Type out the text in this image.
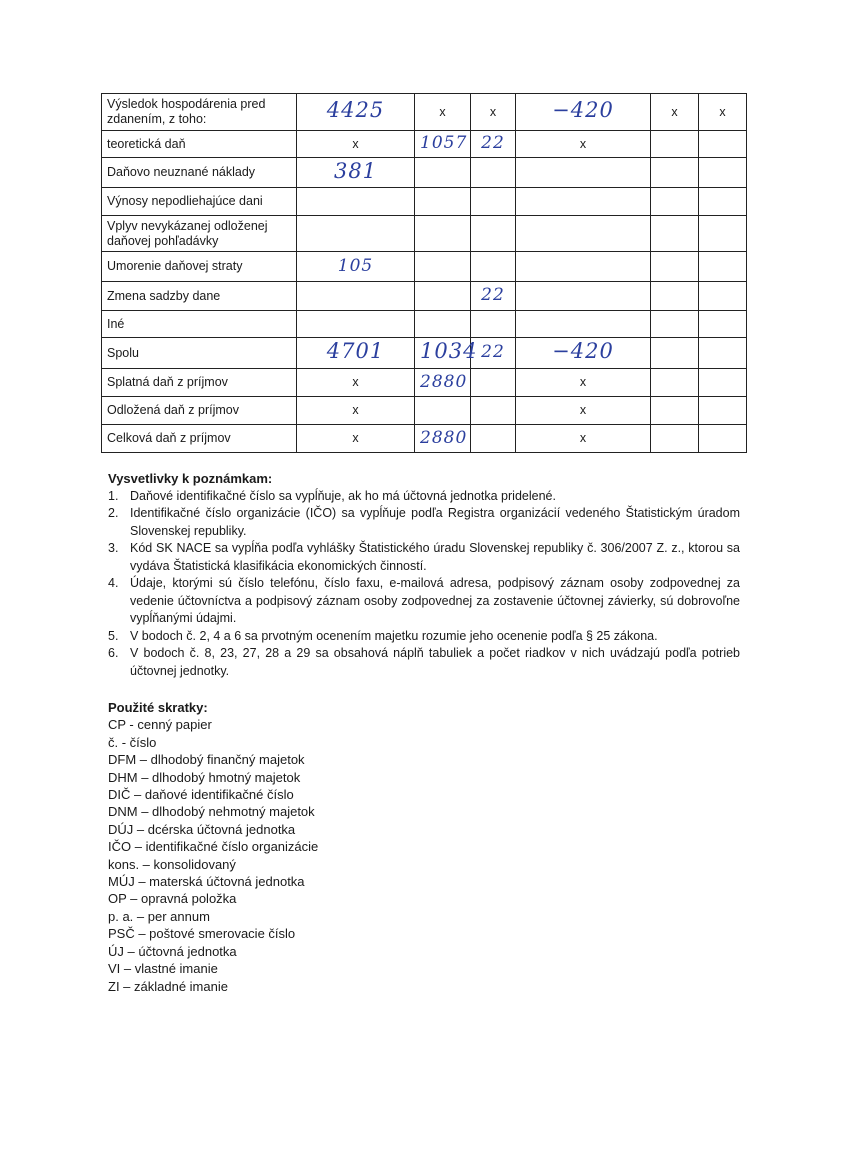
Výsledok hospodárenia pred zdanením, z toho:	4425	x	x	−420	x	x
teoretická daň	x	1057	22	x		
Daňovo neuznané náklady	381					
Výnosy nepodliehajúce dani						
Vplyv nevykázanej odloženej daňovej pohľadávky						
Umorenie daňovej straty	105					
Zmena sadzby dane			22			
Iné						
Spolu	4701	1034	22	−420		
Splatná daň z príjmov	x	2880		x		
Odložená daň z príjmov	x			x		
Celková daň z príjmov	x	2880		x		
Vysvetlivky k poznámkam:
1. Daňové identifikačné číslo sa vypĺňuje, ak ho má účtovná jednotka pridelené.
2. Identifikačné číslo organizácie (IČO) sa vypĺňuje podľa Registra organizácií vedeného Štatistickým úradom Slovenskej republiky.
3. Kód SK NACE sa vypĺňa podľa vyhlášky Štatistického úradu Slovenskej republiky č. 306/2007 Z. z., ktorou sa vydáva Štatistická klasifikácia ekonomických činností.
4. Údaje, ktorými sú číslo telefónu, číslo faxu, e-mailová adresa, podpisový záznam osoby zodpovednej za vedenie účtovníctva a podpisový záznam osoby zodpovednej za zostavenie účtovnej závierky, sú dobrovoľne vypĺňanými údajmi.
5. V bodoch č. 2, 4 a 6 sa prvotným ocenením majetku rozumie jeho ocenenie podľa § 25 zákona.
6. V bodoch č. 8, 23, 27, 28 a 29 sa obsahová náplň tabuliek a počet riadkov v nich uvádzajú podľa potrieb účtovnej jednotky.
Použité skratky:
CP - cenný papier
č. - číslo
DFM – dlhodobý finančný majetok
DHM – dlhodobý hmotný majetok
DIČ – daňové identifikačné číslo
DNM – dlhodobý nehmotný majetok
DÚJ – dcérska účtovná jednotka
IČO – identifikačné číslo organizácie
kons. – konsolidovaný
MÚJ – materská účtovná jednotka
OP – opravná položka
p. a. – per annum
PSČ – poštové smerovacie číslo
ÚJ – účtovná jednotka
VI – vlastné imanie
ZI – základné imanie
